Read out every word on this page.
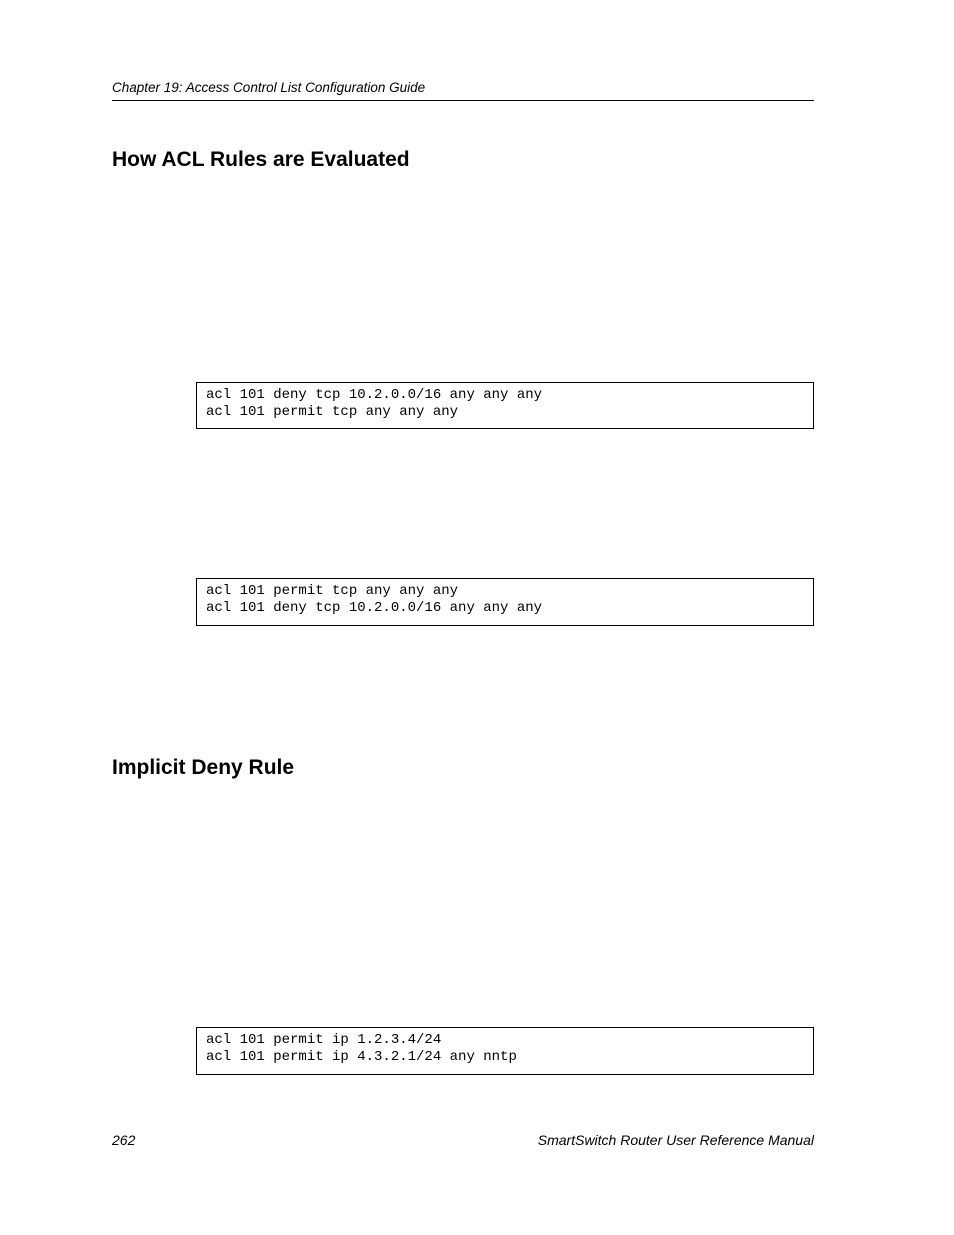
Chapter 19: Access Control List Configuration Guide
How ACL Rules are Evaluated
acl 101 deny tcp 10.2.0.0/16 any any any
acl 101 permit tcp any any any
acl 101 permit tcp any any any
acl 101 deny tcp 10.2.0.0/16 any any any
Implicit Deny Rule
acl 101 permit ip 1.2.3.4/24
acl 101 permit ip 4.3.2.1/24 any nntp
262	SmartSwitch Router User Reference Manual
